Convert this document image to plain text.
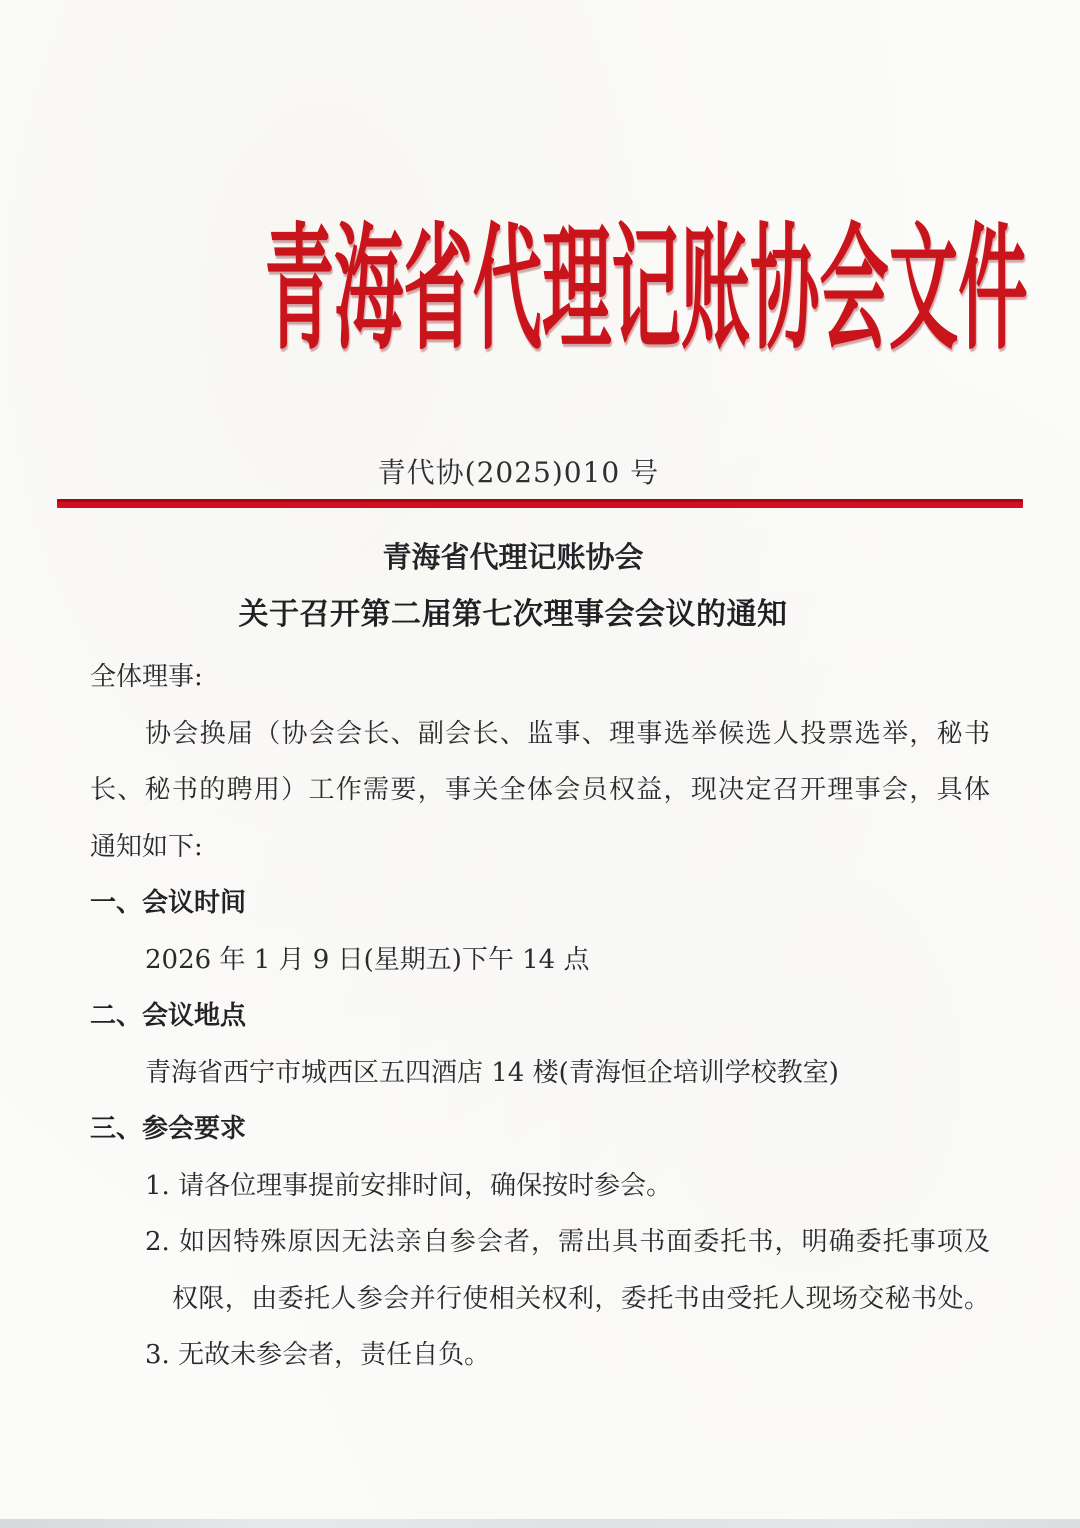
青海省代理记账协会文件
青代协(2025)010 号
青海省代理记账协会
关于召开第二届第七次理事会会议的通知
全体理事:
协会换届（协会会长、副会长、监事、理事选举候选人投票选举，秘书
长、秘书的聘用）工作需要，事关全体会员权益，现决定召开理事会，具体
通知如下:
一、会议时间
2026 年 1 月 9 日(星期五)下午 14 点
二、会议地点
青海省西宁市城西区五四酒店 14 楼(青海恒企培训学校教室)
三、参会要求
1. 请各位理事提前安排时间，确保按时参会。
2. 如因特殊原因无法亲自参会者，需出具书面委托书，明确委托事项及
权限，由委托人参会并行使相关权利，委托书由受托人现场交秘书处。
3. 无故未参会者，责任自负。
